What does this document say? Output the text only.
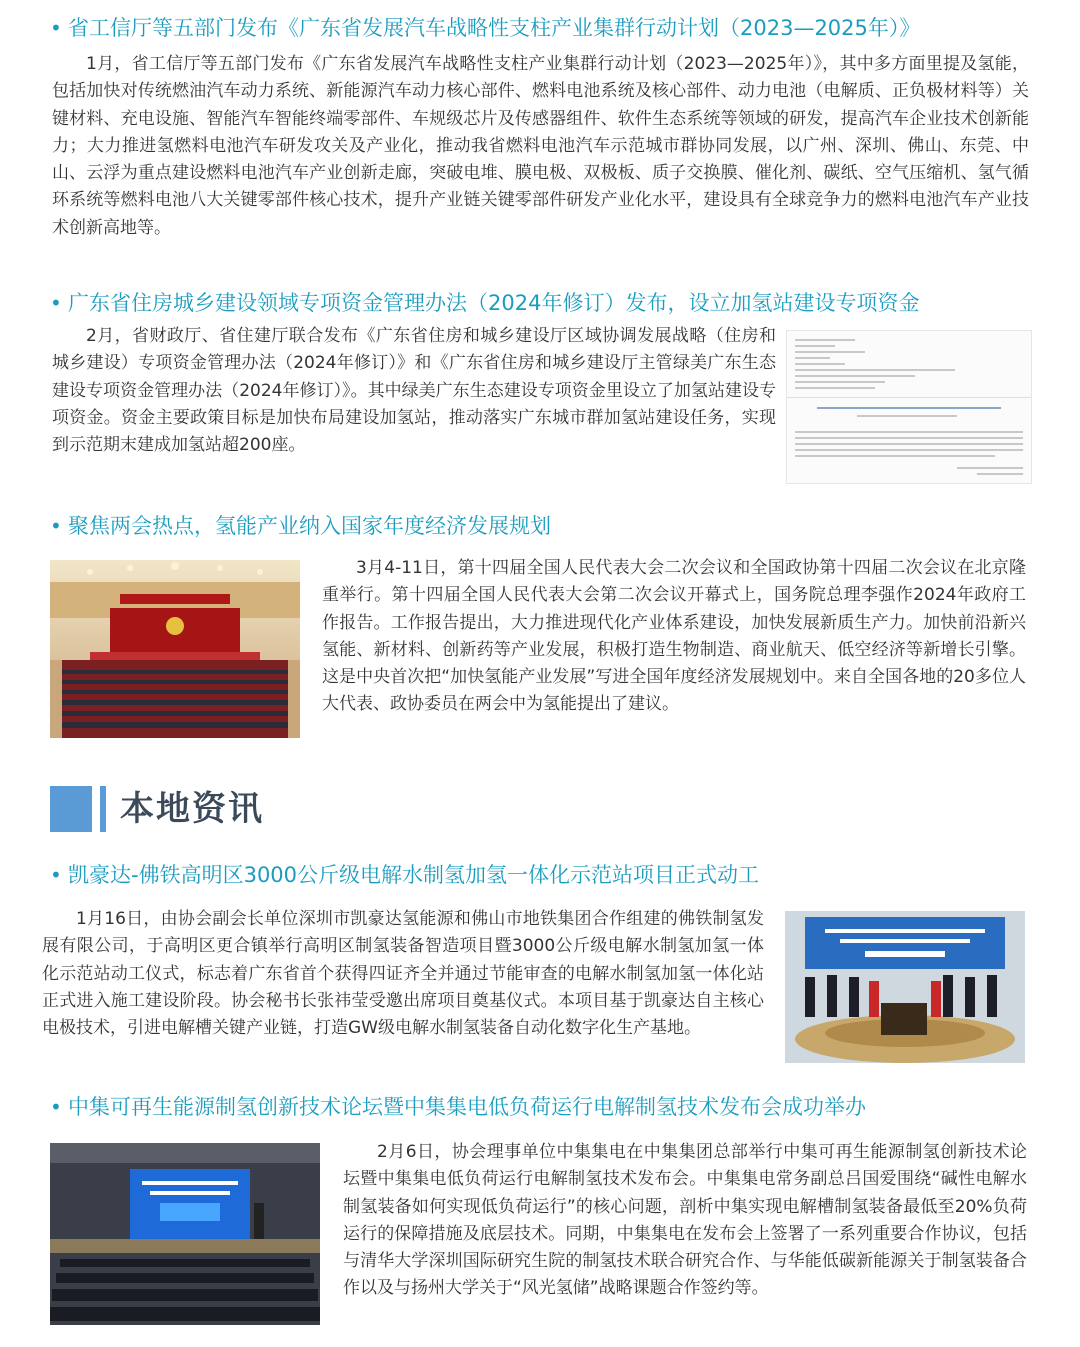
• 省工信厅等五部门发布《广东省发展汽车战略性支柱产业集群行动计划（2023—2025年）》

1月，省工信厅等五部门发布《广东省发展汽车战略性支柱产业集群行动计划（2023—2025年）》，其中多方面里提及氢能，包括加快对传统燃油汽车动力系统、新能源汽车动力核心部件、燃料电池系统及核心部件、动力电池（电解质、正负极材料等）关键材料、充电设施、智能汽车智能终端零部件、车规级芯片及传感器组件、软件生态系统等领域的研发，提高汽车企业技术创新能力；大力推进氢燃料电池汽车研发攻关及产业化，推动我省燃料电池汽车示范城市群协同发展，以广州、深圳、佛山、东莞、中山、云浮为重点建设燃料电池汽车产业创新走廊，突破电堆、膜电极、双极板、质子交换膜、催化剂、碳纸、空气压缩机、氢气循环系统等燃料电池八大关键零部件核心技术，提升产业链关键零部件研发产业化水平，建设具有全球竞争力的燃料电池汽车产业技术创新高地等。

• 广东省住房城乡建设领域专项资金管理办法（2024年修订）发布，设立加氢站建设专项资金

2月，省财政厅、省住建厅联合发布《广东省住房和城乡建设厅区域协调发展战略（住房和城乡建设）专项资金管理办法（2024年修订）》和《广东省住房和城乡建设厅主管绿美广东生态建设专项资金管理办法（2024年修订）》。其中绿美广东生态建设专项资金里设立了加氢站建设专项资金。资金主要政策目标是加快布局建设加氢站，推动落实广东城市群加氢站建设任务，实现到示范期末建成加氢站超200座。

• 聚焦两会热点，氢能产业纳入国家年度经济发展规划

3月4-11日，第十四届全国人民代表大会二次会议和全国政协第十四届二次会议在北京隆重举行。第十四届全国人民代表大会第二次会议开幕式上，国务院总理李强作2024年政府工作报告。工作报告提出，大力推进现代化产业体系建设，加快发展新质生产力。加快前沿新兴氢能、新材料、创新药等产业发展，积极打造生物制造、商业航天、低空经济等新增长引擎。这是中央首次把“加快氢能产业发展”写进全国年度经济发展规划中。来自全国各地的20多位人大代表、政协委员在两会中为氢能提出了建议。

本地资讯
• 凯豪达-佛铁高明区3000公斤级电解水制氢加氢一体化示范站项目正式动工

1月16日，由协会副会长单位深圳市凯豪达氢能源和佛山市地铁集团合作组建的佛铁制氢发展有限公司，于高明区更合镇举行高明区制氢装备智造项目暨3000公斤级电解水制氢加氢一体化示范站动工仪式，标志着广东省首个获得四证齐全并通过节能审查的电解水制氢加氢一体化站正式进入施工建设阶段。协会秘书长张祎莹受邀出席项目奠基仪式。本项目基于凯豪达自主核心电极技术，引进电解槽关键产业链，打造GW级电解水制氢装备自动化数字化生产基地。

• 中集可再生能源制氢创新技术论坛暨中集集电低负荷运行电解制氢技术发布会成功举办

2月6日，协会理事单位中集集电在中集集团总部举行中集可再生能源制氢创新技术论坛暨中集集电低负荷运行电解制氢技术发布会。中集集电常务副总吕国爱围绕“碱性电解水制氢装备如何实现低负荷运行”的核心问题，剖析中集实现电解槽制氢装备最低至20%负荷运行的保障措施及底层技术。同期，中集集电在发布会上签署了一系列重要合作协议，包括与清华大学深圳国际研究生院的制氢技术联合研究合作、与华能低碳新能源关于制氢装备合作以及与扬州大学关于“风光氢储”战略课题合作签约等。
